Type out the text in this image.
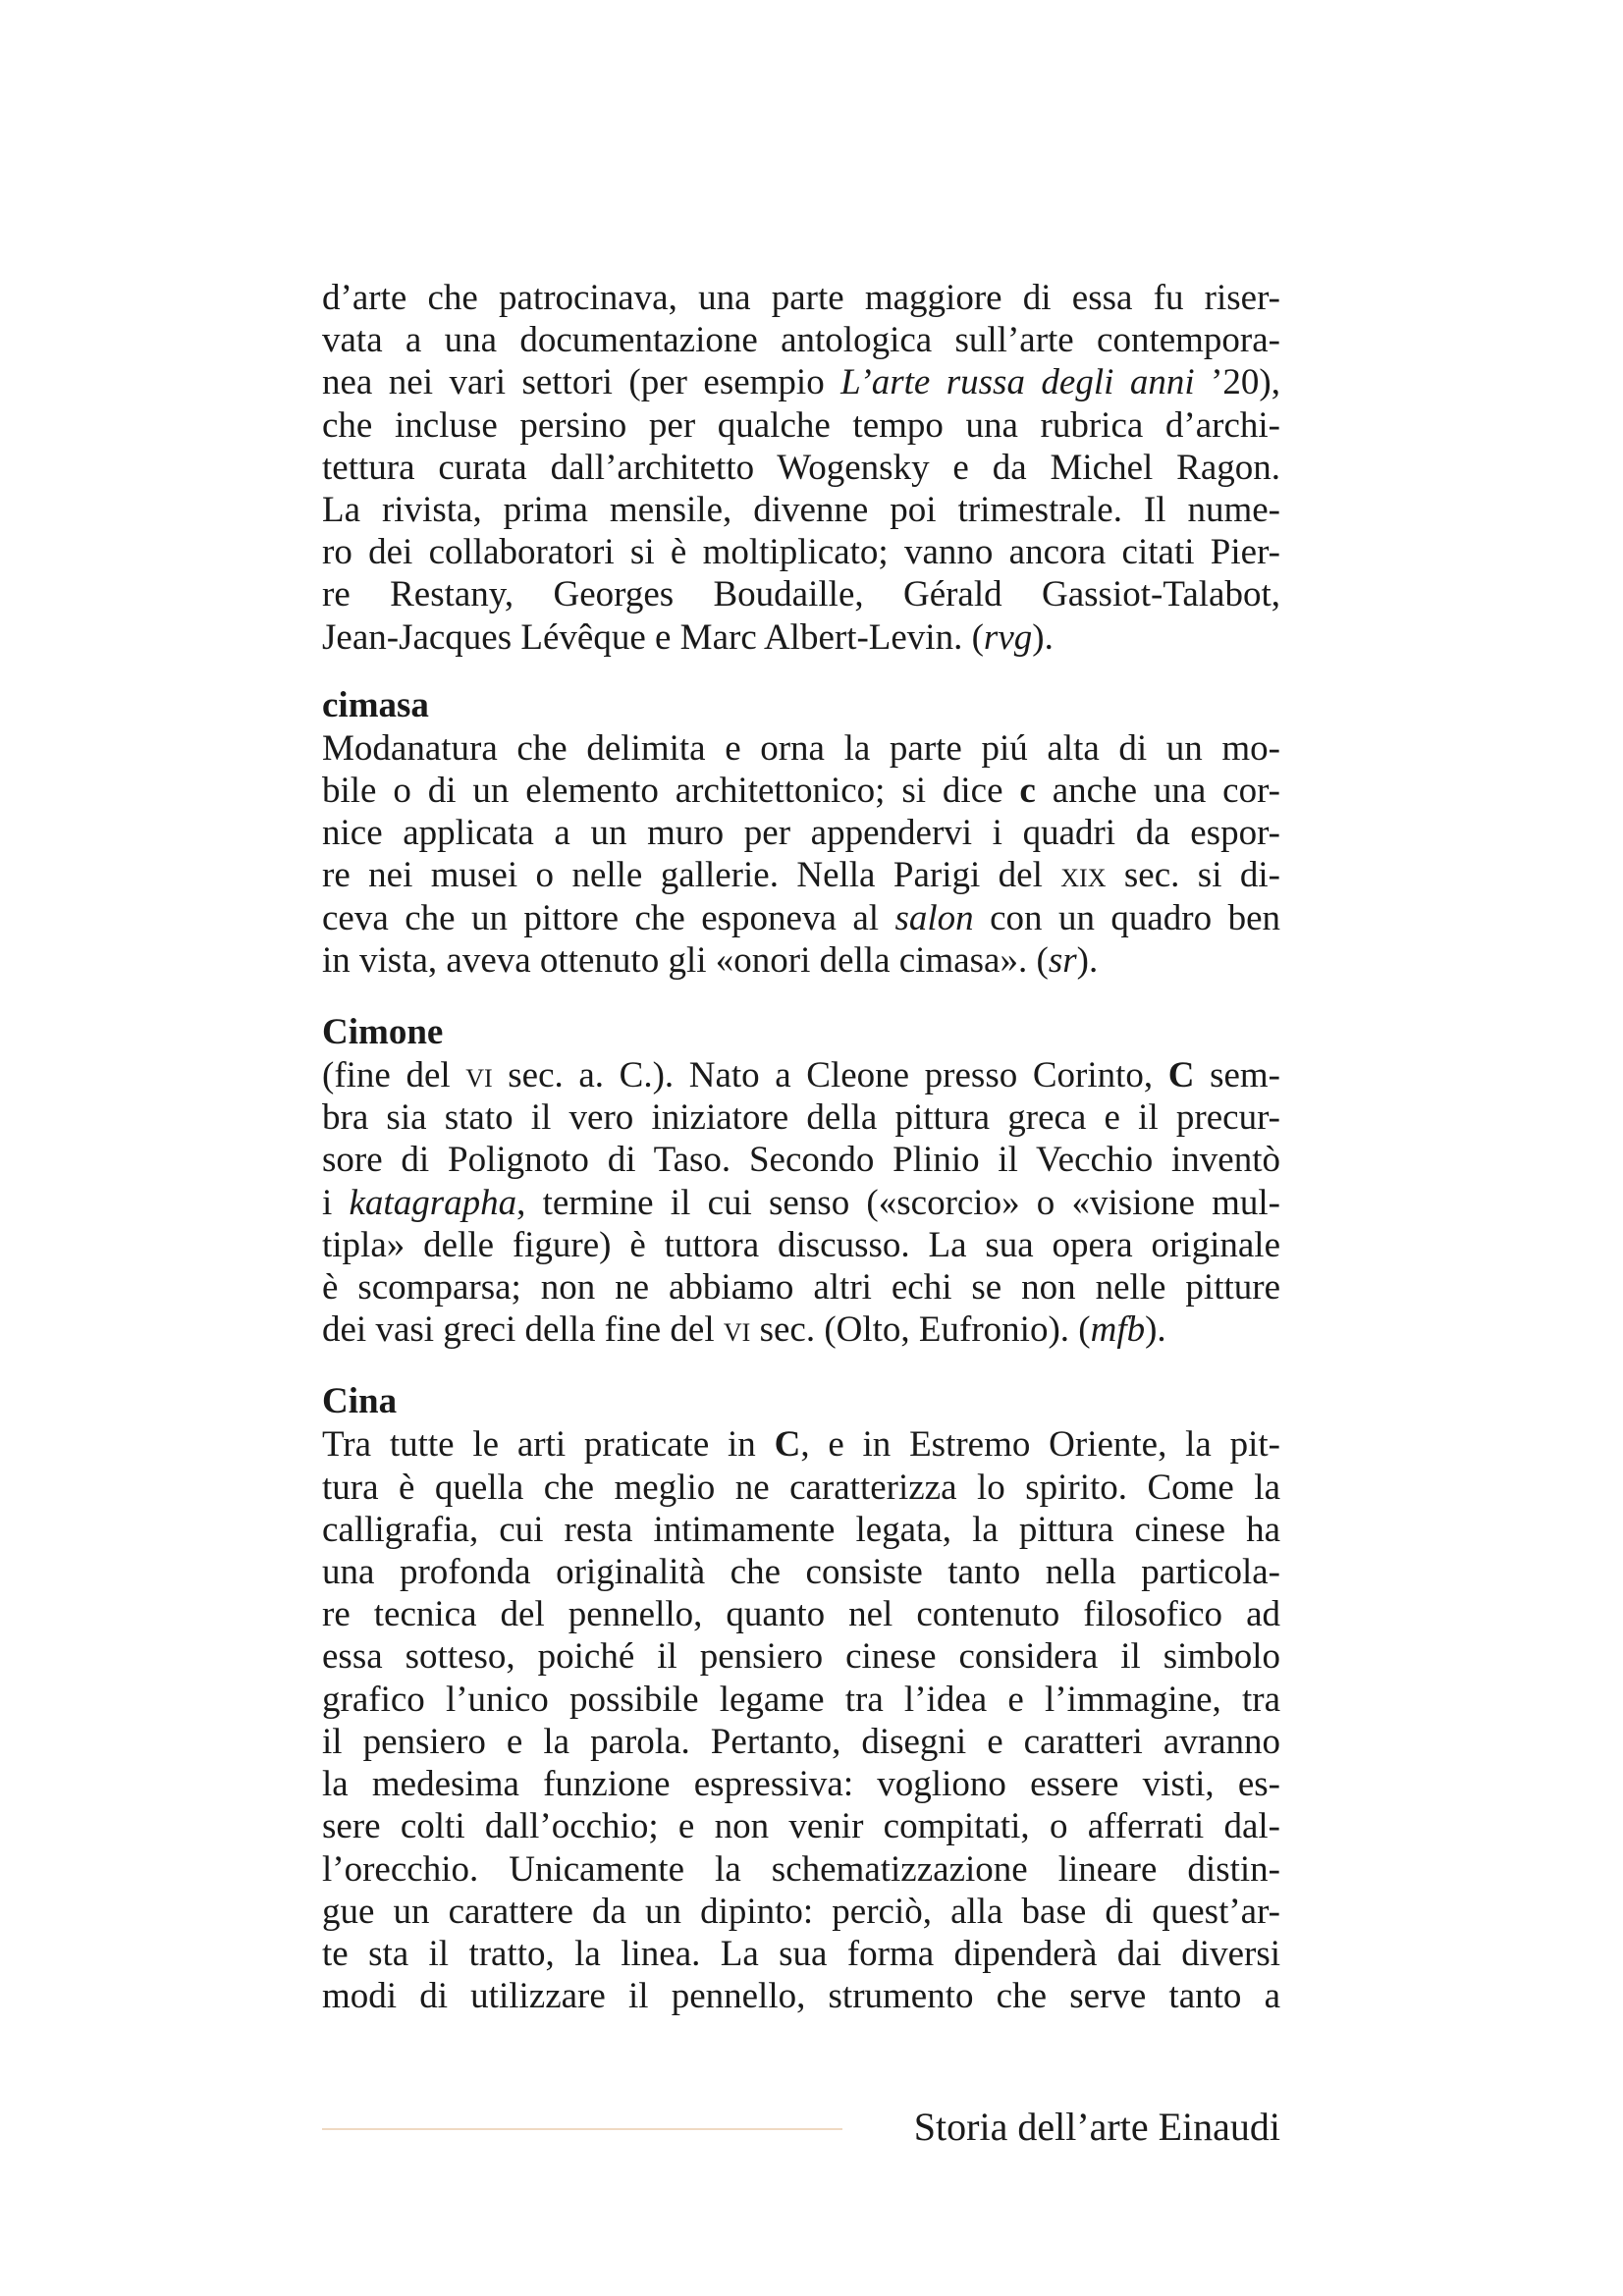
d’arte che patrocinava, una parte maggiore di essa fu riser-
vata a una documentazione antologica sull’arte contempora-
nea nei vari settori (per esempio L’arte russa degli anni ’20),
che incluse persino per qualche tempo una rubrica d’archi-
tettura curata dall’architetto Wogensky e da Michel Ragon.
La rivista, prima mensile, divenne poi trimestrale. Il nume-
ro dei collaboratori si è moltiplicato; vanno ancora citati Pier-
re Restany, Georges Boudaille, Gérald Gassiot-Talabot,
Jean-Jacques Lévêque e Marc Albert-Levin. (rvg).
cimasa
Modanatura che delimita e orna la parte piú alta di un mo-
bile o di un elemento architettonico; si dice c anche una cor-
nice applicata a un muro per appendervi i quadri da espor-
re nei musei o nelle gallerie. Nella Parigi del xix sec. si di-
ceva che un pittore che esponeva al salon con un quadro ben
in vista, aveva ottenuto gli «onori della cimasa». (sr).
Cimone
(fine del vi sec. a. C.). Nato a Cleone presso Corinto, C sem-
bra sia stato il vero iniziatore della pittura greca e il precur-
sore di Polignoto di Taso. Secondo Plinio il Vecchio inventò
i katagrapha, termine il cui senso («scorcio» o «visione mul-
tipla» delle figure) è tuttora discusso. La sua opera originale
è scomparsa; non ne abbiamo altri echi se non nelle pitture
dei vasi greci della fine del vi sec. (Olto, Eufronio). (mfb).
Cina
Tra tutte le arti praticate in C, e in Estremo Oriente, la pit-
tura è quella che meglio ne caratterizza lo spirito. Come la
calligrafia, cui resta intimamente legata, la pittura cinese ha
una profonda originalità che consiste tanto nella particola-
re tecnica del pennello, quanto nel contenuto filosofico ad
essa sotteso, poiché il pensiero cinese considera il simbolo
grafico l’unico possibile legame tra l’idea e l’immagine, tra
il pensiero e la parola. Pertanto, disegni e caratteri avranno
la medesima funzione espressiva: vogliono essere visti, es-
sere colti dall’occhio; e non venir compitati, o afferrati dal-
l’orecchio. Unicamente la schematizzazione lineare distin-
gue un carattere da un dipinto: perciò, alla base di quest’ar-
te sta il tratto, la linea. La sua forma dipenderà dai diversi
modi di utilizzare il pennello, strumento che serve tanto a
Storia dell’arte Einaudi
